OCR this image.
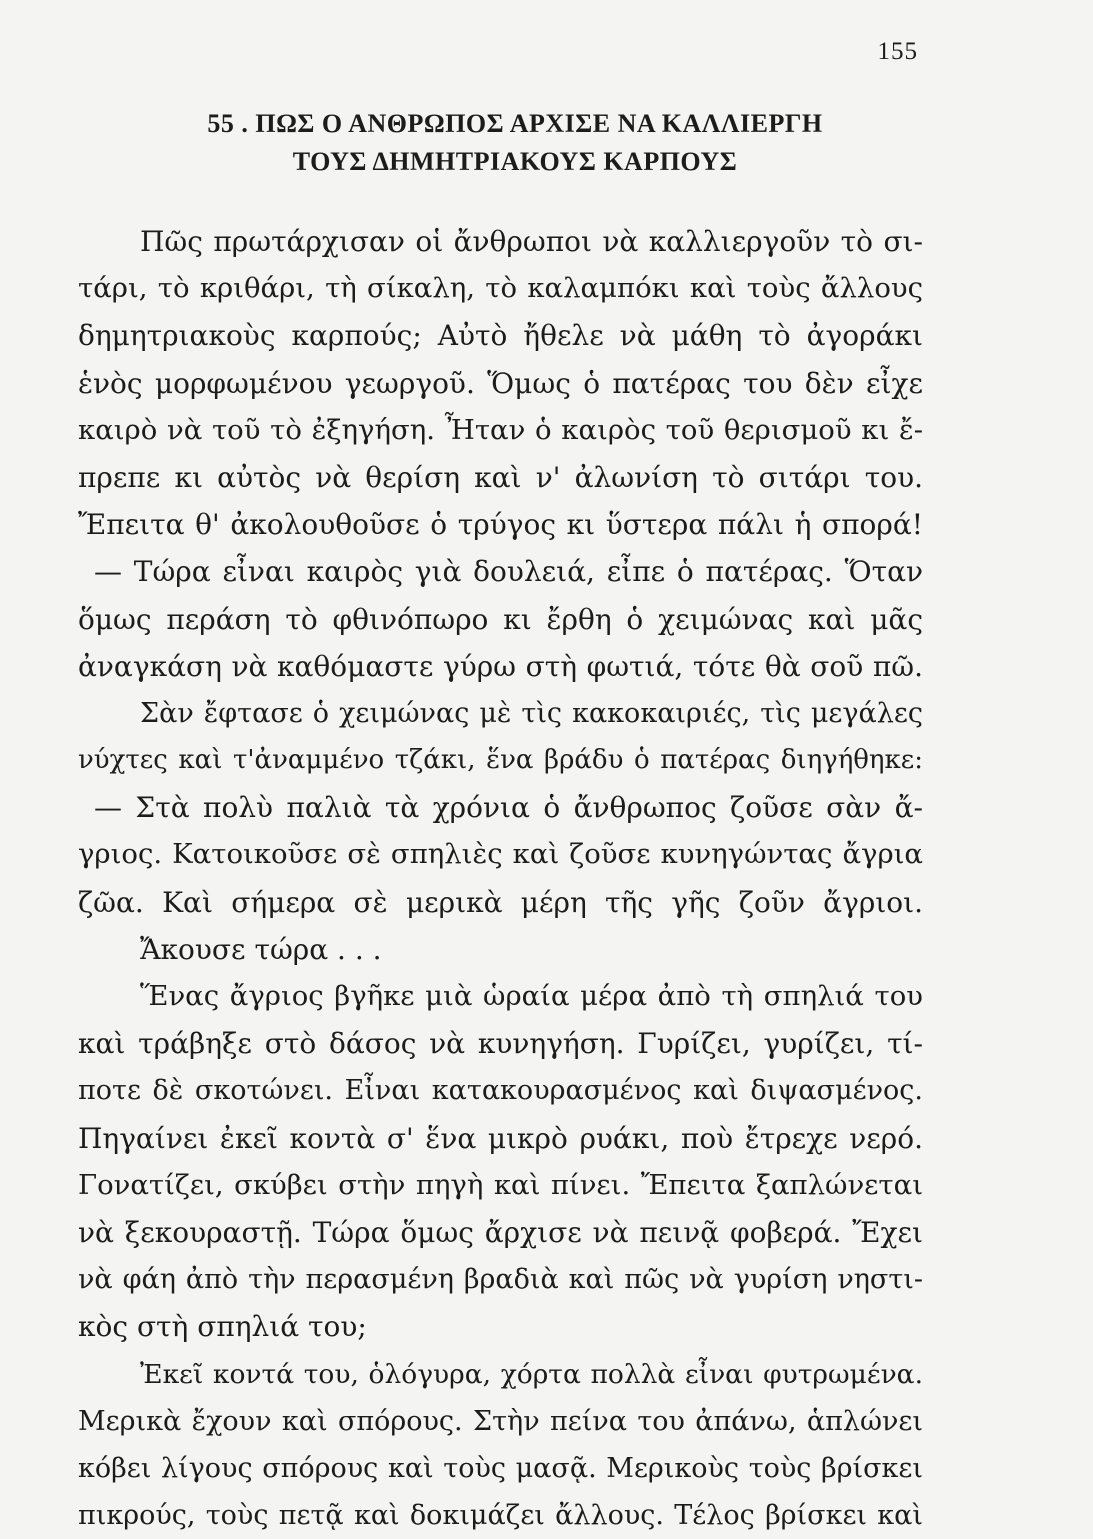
155
55 . ΠΩΣ Ο ΑΝΘΡΩΠΟΣ ΑΡΧΙΣΕ ΝΑ ΚΑΛΛΙΕΡΓΗ
ΤΟΥΣ ΔΗΜΗΤΡΙΑΚΟΥΣ ΚΑΡΠΟΥΣ
Πῶς πρωτάρχισαν οἱ ἄνθρωποι νὰ καλλιεργοῦν τὸ σι-
τάρι, τὸ κριθάρι, τὴ σίκαλη, τὸ καλαμπόκι καὶ τοὺς ἄλλους
δημητριακοὺς καρπούς; Αὐτὸ ἤθελε νὰ μάθη τὸ ἀγοράκι
ἑνὸς μορφωμένου γεωργοῦ. Ὅμως ὁ πατέρας του δὲν εἶχε
καιρὸ νὰ τοῦ τὸ ἐξηγήση. Ἦταν ὁ καιρὸς τοῦ θερισμοῦ κι ἔ-
πρεπε κι αὐτὸς νὰ θερίση καὶ ν' ἀλωνίση τὸ σιτάρι του.
Ἔπειτα θ' ἀκολουθοῦσε ὁ τρύγος κι ὕστερα πάλι ἡ σπορά!
— Τώρα εἶναι καιρὸς γιὰ δουλειά, εἶπε ὁ πατέρας. Ὅταν
ὅμως περάση τὸ φθινόπωρο κι ἔρθη ὁ χειμώνας καὶ μᾶς
ἀναγκάση νὰ καθόμαστε γύρω στὴ φωτιά, τότε θὰ σοῦ πῶ.
Σὰν ἔφτασε ὁ χειμώνας μὲ τὶς κακοκαιριές, τὶς μεγάλες
νύχτες καὶ τ'ἀναμμένο τζάκι, ἕνα βράδυ ὁ πατέρας διηγήθηκε:
— Στὰ πολὺ παλιὰ τὰ χρόνια ὁ ἄνθρωπος ζοῦσε σὰν ἄ-
γριος. Κατοικοῦσε σὲ σπηλιὲς καὶ ζοῦσε κυνηγώντας ἄγρια
ζῶα. Καὶ σήμερα σὲ μερικὰ μέρη τῆς γῆς ζοῦν ἄγριοι.
Ἄκουσε τώρα . . .
Ἕνας ἄγριος βγῆκε μιὰ ὡραία μέρα ἀπὸ τὴ σπηλιά του
καὶ τράβηξε στὸ δάσος νὰ κυνηγήση. Γυρίζει, γυρίζει, τί-
ποτε δὲ σκοτώνει. Εἶναι κατακουρασμένος καὶ διψασμένος.
Πηγαίνει ἐκεῖ κοντὰ σ' ἕνα μικρὸ ρυάκι, ποὺ ἔτρεχε νερό.
Γονατίζει, σκύβει στὴν πηγὴ καὶ πίνει. Ἔπειτα ξαπλώνεται
νὰ ξεκουραστῇ. Τώρα ὅμως ἄρχισε νὰ πεινᾷ φοβερά. Ἔχει
νὰ φάη ἀπὸ τὴν περασμένη βραδιὰ καὶ πῶς νὰ γυρίση νηστι-
κὸς στὴ σπηλιά του;
Ἐκεῖ κοντά του, ὁλόγυρα, χόρτα πολλὰ εἶναι φυτρωμένα.
Μερικὰ ἔχουν καὶ σπόρους. Στὴν πείνα του ἀπάνω, ἁπλώνει
κόβει λίγους σπόρους καὶ τοὺς μασᾷ. Μερικοὺς τοὺς βρίσκει
πικρούς, τοὺς πετᾷ καὶ δοκιμάζει ἄλλους. Τέλος βρίσκει καὶ
